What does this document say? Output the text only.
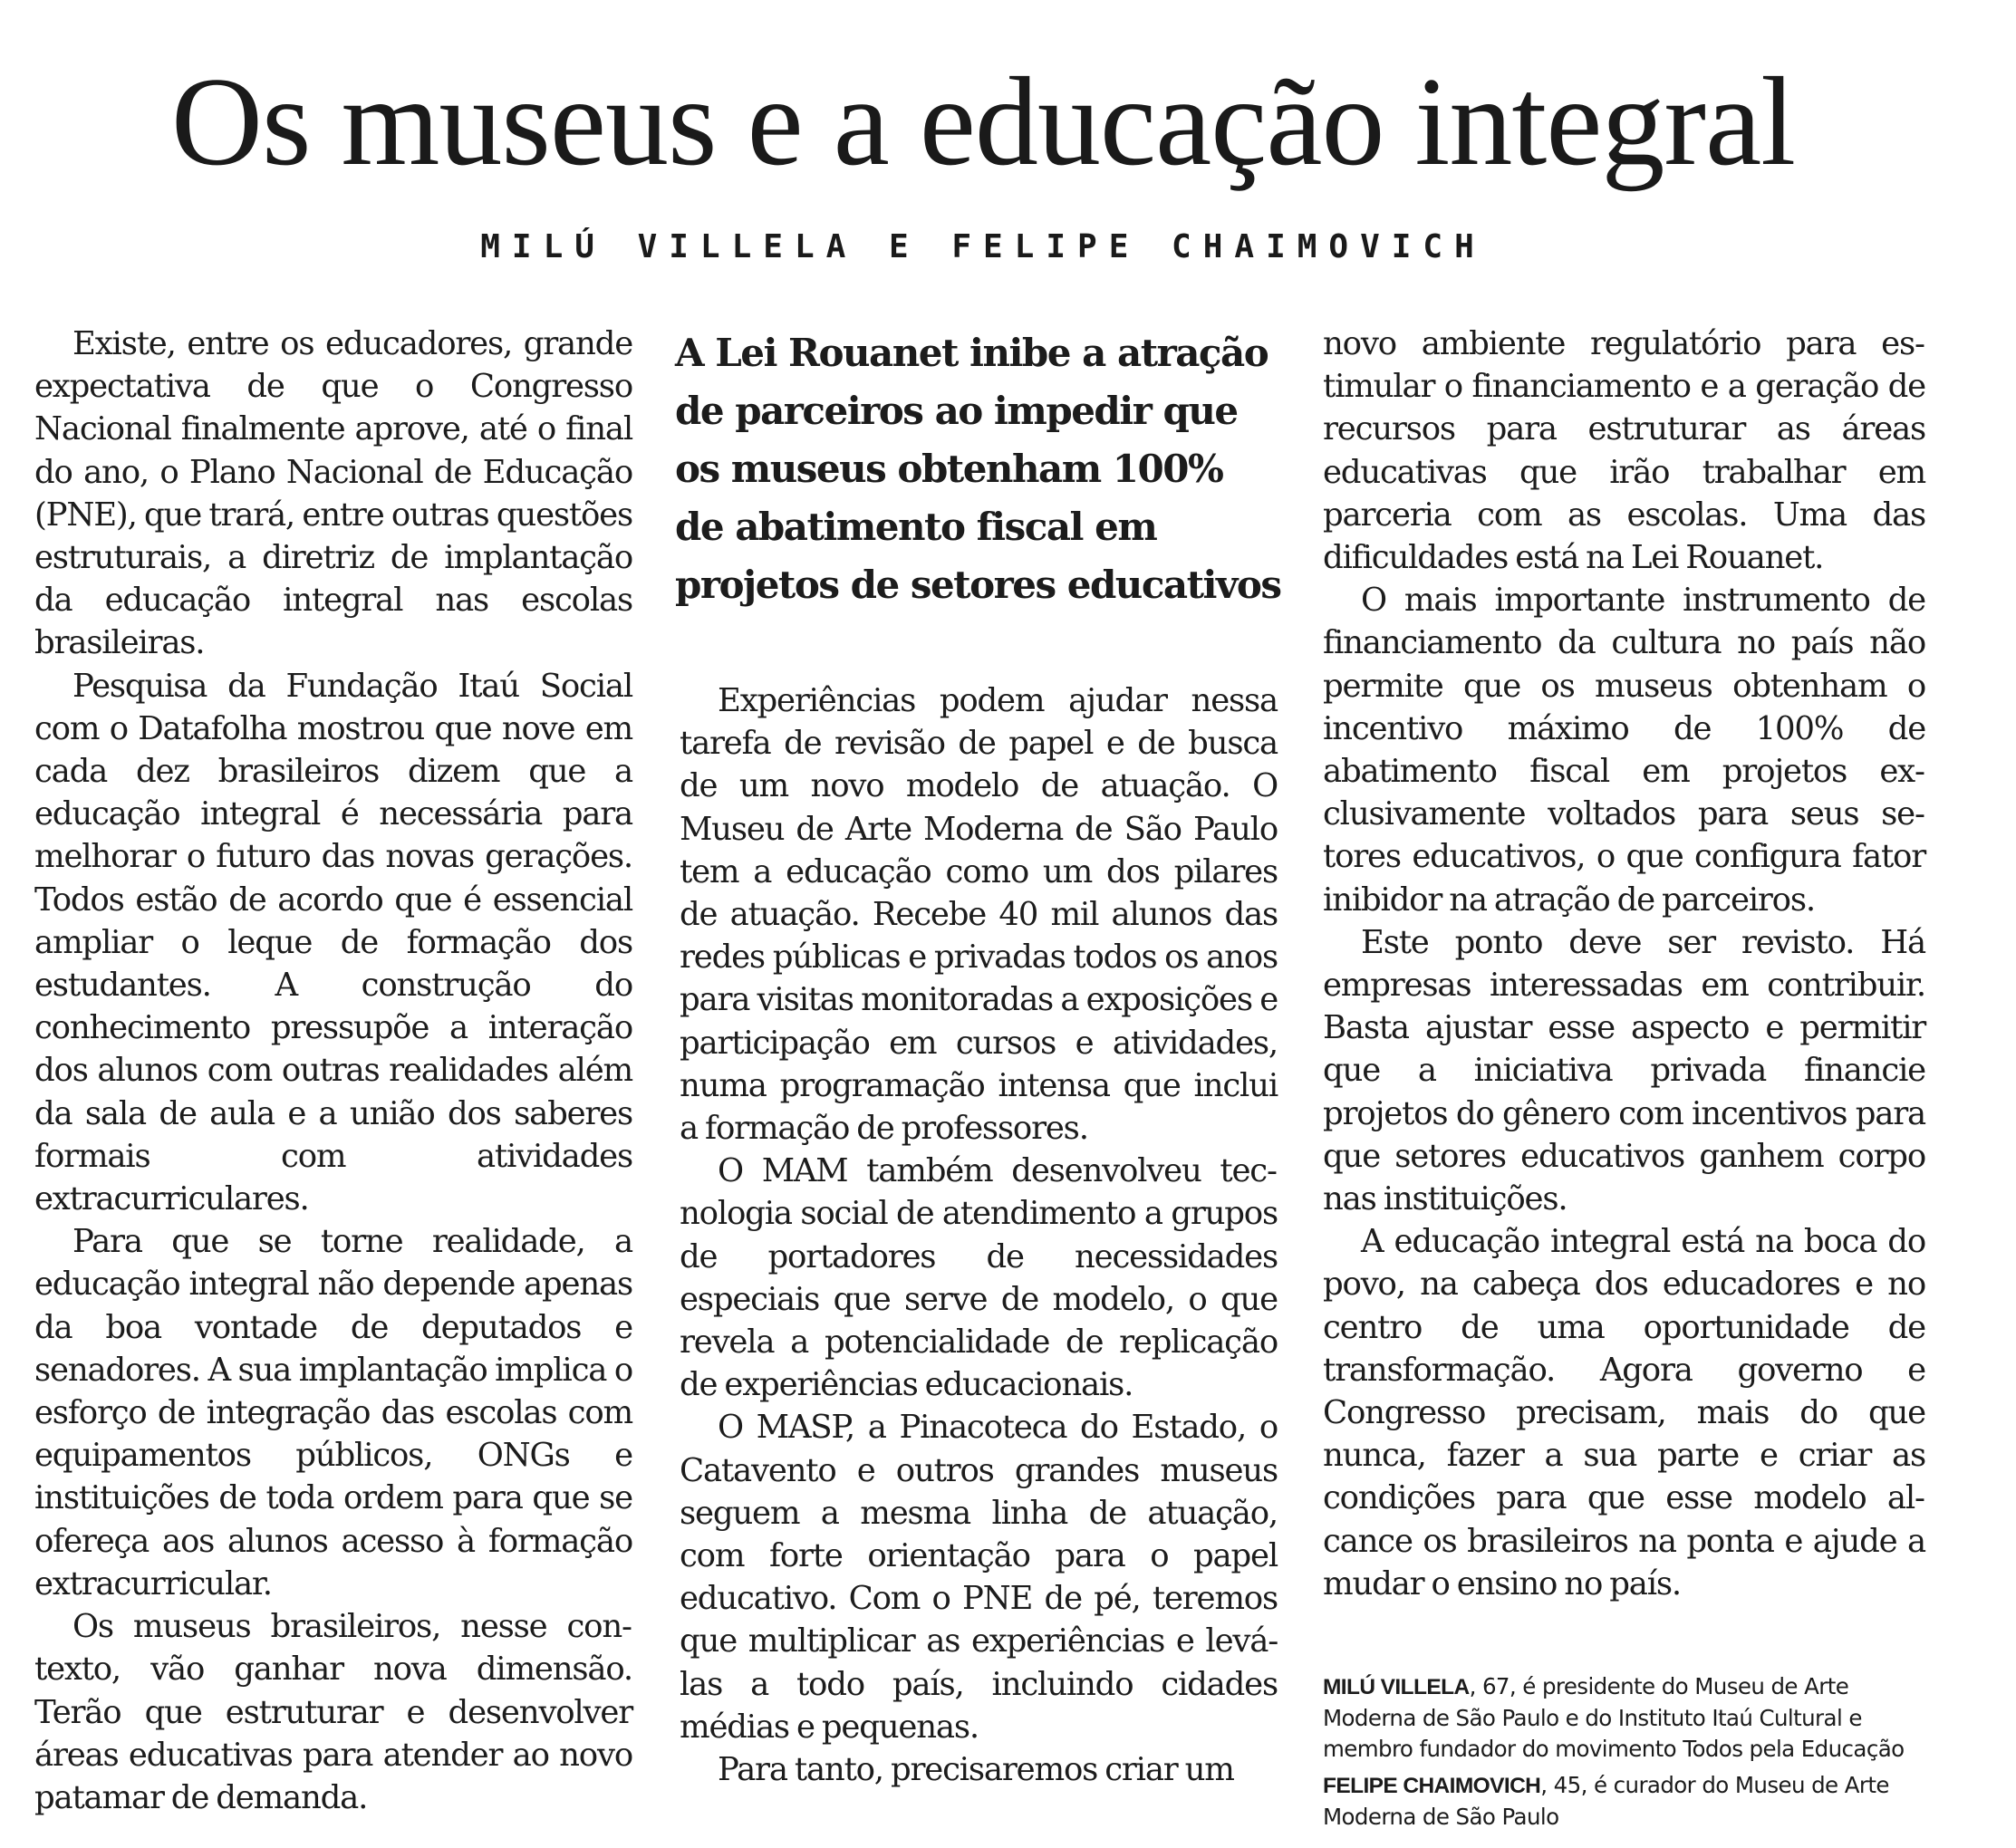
Os museus e a educação integral
MILÚ VILLELA E FELIPE CHAIMOVICH

Existe, entre os educadores, grande expectativa de que o Congresso Nacional finalmente aprove, até o final do ano, o Plano Nacional de Educação (PNE), que trará, entre outras questões estruturais, a diretriz de implantação da educação integral nas escolas brasileiras.

Pesquisa da Fundação Itaú Social com o Datafolha mostrou que nove em cada dez brasileiros dizem que a educação integral é necessária para melhorar o futuro das novas gerações. Todos estão de acordo que é essencial ampliar o leque de formação dos estudantes. A construção do conhecimento pressupõe a interação dos alunos com outras realidades além da sala de aula e a união dos saberes formais com atividades extracurriculares.

Para que se torne realidade, a educação integral não depende apenas da boa vontade de deputados e senadores. A sua implantação implica o esforço de integração das escolas com equipamentos públicos, ONGs e instituições de toda ordem para que se ofereça aos alunos acesso à formação extracurricular.

Os museus brasileiros, nesse contexto, vão ganhar nova dimensão. Terão que estruturar e desenvolver áreas educativas para atender ao novo patamar de demanda.

A Lei Rouanet inibe a atração de parceiros ao impedir que os museus obtenham 100% de abatimento fiscal em projetos de setores educativos

Experiências podem ajudar nessa tarefa de revisão de papel e de busca de um novo modelo de atuação. O Museu de Arte Moderna de São Paulo tem a educação como um dos pilares de atuação. Recebe 40 mil alunos das redes públicas e privadas todos os anos para visitas monitoradas a exposições e participação em cursos e atividades, numa programação intensa que inclui a formação de professores.

O MAM também desenvolveu tecnologia social de atendimento a grupos de portadores de necessidades especiais que serve de modelo, o que revela a potencialidade de replicação de experiências educacionais.

O MASP, a Pinacoteca do Estado, o Catavento e outros grandes museus seguem a mesma linha de atuação, com forte orientação para o papel educativo. Com o PNE de pé, teremos que multiplicar as experiências e levá-las a todo país, incluindo cidades médias e pequenas.

Para tanto, precisaremos criar um

novo ambiente regulatório para estimular o financiamento e a geração de recursos para estruturar as áreas educativas que irão trabalhar em parceria com as escolas. Uma das dificuldades está na Lei Rouanet.

O mais importante instrumento de financiamento da cultura no país não permite que os museus obtenham o incentivo máximo de 100% de abatimento fiscal em projetos exclusivamente voltados para seus setores educativos, o que configura fator inibidor na atração de parceiros.

Este ponto deve ser revisto. Há empresas interessadas em contribuir. Basta ajustar esse aspecto e permitir que a iniciativa privada financie projetos do gênero com incentivos para que setores educativos ganhem corpo nas instituições.

A educação integral está na boca do povo, na cabeça dos educadores e no centro de uma oportunidade de transformação. Agora governo e Congresso precisam, mais do que nunca, fazer a sua parte e criar as condições para que esse modelo alcance os brasileiros na ponta e ajude a mudar o ensino no país.

MILÚ VILLELA, 67, é presidente do Museu de Arte Moderna de São Paulo e do Instituto Itaú Cultural e membro fundador do movimento Todos pela Educação
FELIPE CHAIMOVICH, 45, é curador do Museu de Arte Moderna de São Paulo
